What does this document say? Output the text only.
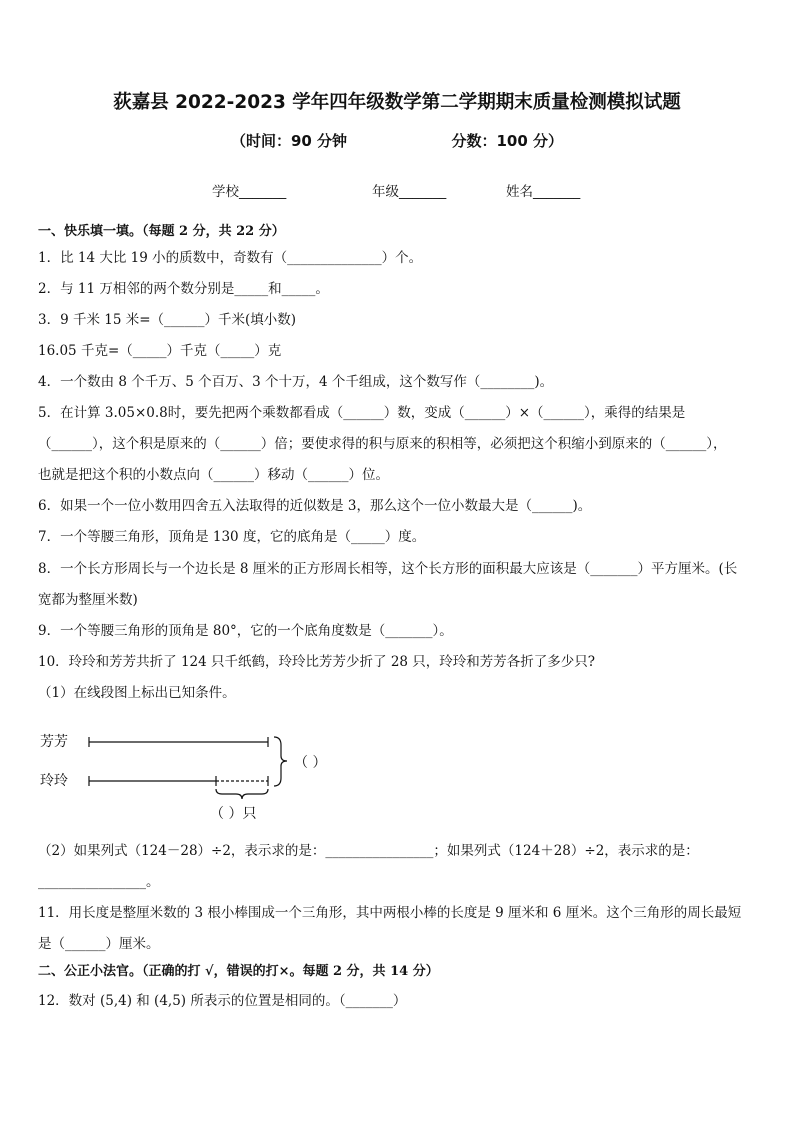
荻嘉县 2022-2023 学年四年级数学第二学期期末质量检测模拟试题
（时间：90 分钟                    分数：100 分）
学校_______	年级_______	姓名_______
一、快乐填一填。（每题 2 分，共 22 分）
1．比 14 大比 19 小的质数中，奇数有（______________）个。
2．与 11 万相邻的两个数分别是_____和_____。
3．9 千米 15 米=（______）千米(填小数)
16.05 千克=（_____）千克（_____）克
4．一个数由 8 个千万、5 个百万、3 个十万，4 个千组成，这个数写作（________)。
5．在计算 3.05×0.8时，要先把两个乘数都看成（______）数，变成（______）×（______），乘得的结果是
（______），这个积是原来的（______）倍；要使求得的积与原来的积相等，必须把这个积缩小到原来的（______），
也就是把这个积的小数点向（______）移动（______）位。
6．如果一个一位小数用四舍五入法取得的近似数是 3，那么这个一位小数最大是（______)。
7．一个等腰三角形，顶角是 130 度，它的底角是（_____）度。
8．一个长方形周长与一个边长是 8 厘米的正方形周长相等，这个长方形的面积最大应该是（_______）平方厘米。(长
宽都为整厘米数)
9．一个等腰三角形的顶角是 80°，它的一个底角度数是（_______）。
10．玲玲和芳芳共折了 124 只千纸鹤，玲玲比芳芳少折了 28 只，玲玲和芳芳各折了多少只?
（1）在线段图上标出已知条件。
芳芳
玲玲
（ ）
（ ）只
（2）如果列式（124－28）÷2，表示求的是：________________；如果列式（124＋28）÷2，表示求的是：
________________。
11．用长度是整厘米数的 3 根小棒围成一个三角形，其中两根小棒的长度是 9 厘米和 6 厘米。这个三角形的周长最短
是（______）厘米。
二、公正小法官。（正确的打 √，错误的打×。每题 2 分，共 14 分）
12．数对 (5,4) 和 (4,5) 所表示的位置是相同的。（_______）
